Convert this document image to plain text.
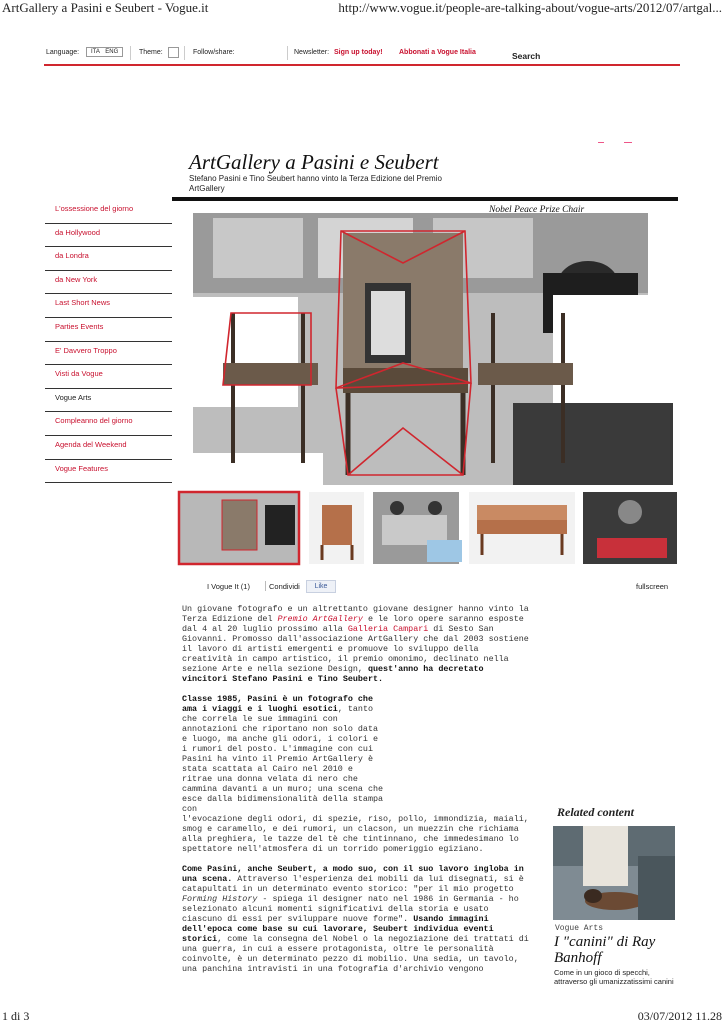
ArtGallery a Pasini e Seubert - Vogue.it	http://www.vogue.it/people-are-talking-about/vogue-arts/2012/07/artgal...
Language:	ITA ENG	Theme:	Follow/share:	Newsletter: Sign up today! Abbonati a Vogue Italia	Search
ArtGallery a Pasini e Seubert
Stefano Pasini e Tino Seubert hanno vinto la Terza Edizione del Premio ArtGallery
L'ossessione del giorno
da Hollywood
da Londra
da New York
Last Short News
Parties Events
E' Davvero Troppo
Visti da Vogue
Vogue Arts
Compleanno del giorno
Agenda del Weekend
Vogue Features
Nobel Peace Prize Chair
I Vogue It (1)	Condividi	Like	fullscreen

Un giovane fotografo e un altrettanto giovane designer hanno vinto la Terza Edizione del Premio ArtGallery e le loro opere saranno esposte dal 4 al 20 luglio prossimo alla Galleria Campari di Sesto San Giovanni. Promosso dall'associazione ArtGallery che dal 2003 sostiene il lavoro di artisti emergenti e promuove lo sviluppo della creatività in campo artistico, il premio omonimo, declinato nella sezione Arte e nella sezione Design, quest'anno ha decretato vincitori Stefano Pasini e Tino Seubert.

Classe 1985, Pasini è un fotografo che ama i viaggi e i luoghi esotici, tanto che correla le sue immagini con annotazioni che riportano non solo data e luogo, ma anche gli odori, i colori e i rumori del posto. L'immagine con cui Pasini ha vinto il Premio ArtGallery è stata scattata al Cairo nel 2010 e ritrae una donna velata di nero che cammina davanti a un muro; una scena che esce dalla bidimensionalità della stampa con

l'evocazione degli odori, di spezie, riso, pollo, immondizia, maiali, smog e caramello, e dei rumori, un clacson, un muezzin che richiama alla preghiera, le tazze del tè che tintinnano, che immedesimano lo spettatore nell'atmosfera di un torrido pomeriggio egiziano.

Come Pasini, anche Seubert, a modo suo, con il suo lavoro ingloba in una scena. Attraverso l'esperienza dei mobili da lui disegnati, si è catapultati in un determinato evento storico: "per il mio progetto Forming History - spiega il designer nato nel 1986 in Germania - ho selezionato alcuni momenti significativi della storia e usato ciascuno di essi per sviluppare nuove forme". Usando immagini dell'epoca come base su cui lavorare, Seubert individua eventi storici, come la consegna del Nobel o la negoziazione dei trattati di una guerra, in cui a essere protagonista, oltre le personalità coinvolte, è un determinato pezzo di mobilio. Una sedia, un tavolo, una panchina intravisti in una fotografia d'archivio vengono

Related content
Vogue Arts
I "canini" di Ray Banhoff
Come in un gioco di specchi, attraverso gli umanizzatissimi canini
1 di 3	03/07/2012 11.28
